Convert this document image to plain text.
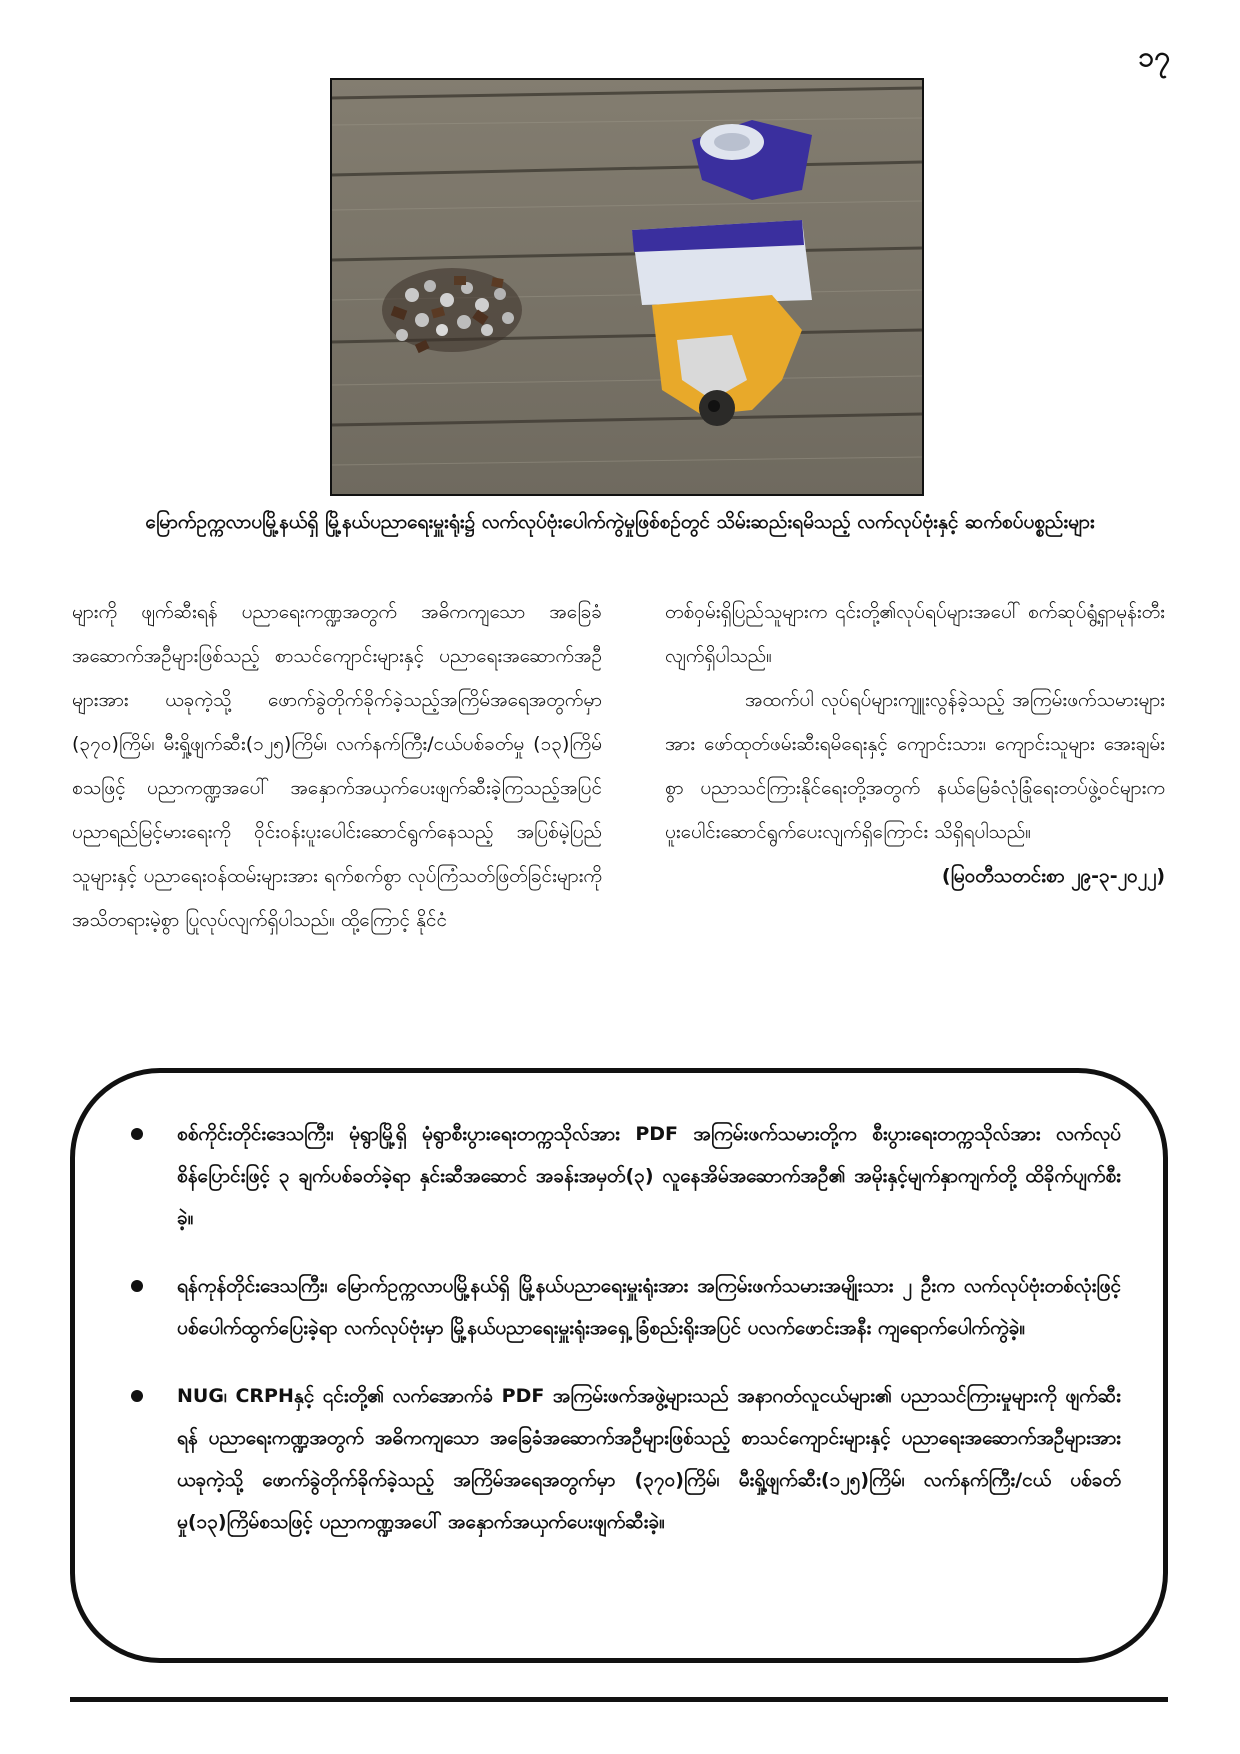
၁၇
မြောက်ဥက္ကလာပမြို့နယ်ရှိ မြို့နယ်ပညာရေးမှူးရုံး၌ လက်လုပ်ဗုံးပေါက်ကွဲမှုဖြစ်စဉ်တွင် သိမ်းဆည်းရမိသည့် လက်လုပ်ဗုံးနှင့် ဆက်စပ်ပစ္စည်းများ
များကို ဖျက်ဆီးရန် ပညာရေးကဏ္ဍအတွက် အဓိကကျသော အခြေခံအဆောက်အဦများဖြစ်သည့် စာသင်ကျောင်းများနှင့် ပညာရေးအဆောက်အဦများအား ယခုကဲ့သို့ ဖောက်ခွဲတိုက်ခိုက်ခဲ့သည့်အကြိမ်အရေအတွက်မှာ (၃၇၀)ကြိမ်၊ မီးရှို့ဖျက်ဆီး(၁၂၅)ကြိမ်၊ လက်နက်ကြီး/ငယ်ပစ်ခတ်မှု (၁၃)ကြိမ်စသဖြင့် ပညာကဏ္ဍအပေါ် အနှောက်အယှက်ပေးဖျက်ဆီးခဲ့ကြသည့်အပြင် ပညာရည်မြင့်မားရေးကို ဝိုင်းဝန်းပူးပေါင်းဆောင်ရွက်နေသည့် အပြစ်မဲ့ပြည်သူများနှင့် ပညာရေးဝန်ထမ်းများအား ရက်စက်စွာ လုပ်ကြံသတ်ဖြတ်ခြင်းများကို အသိတရားမဲ့စွာ ပြုလုပ်လျက်ရှိပါသည်။ ထို့ကြောင့် နိုင်ငံ

တစ်ဝှမ်းရှိပြည်သူများက ၎င်းတို့၏လုပ်ရပ်များအပေါ် စက်ဆုပ်ရွံ့ရှာမုန်းတီးလျက်ရှိပါသည်။

အထက်ပါ လုပ်ရပ်များကျူးလွန်ခဲ့သည့် အကြမ်းဖက်သမားများအား ဖော်ထုတ်ဖမ်းဆီးရမိရေးနှင့် ကျောင်းသား၊ ကျောင်းသူများ အေးချမ်းစွာ ပညာသင်ကြားနိုင်ရေးတို့အတွက် နယ်မြေခံလုံခြုံရေးတပ်ဖွဲ့ဝင်များက ပူးပေါင်းဆောင်ရွက်ပေးလျက်ရှိကြောင်း သိရှိရပါသည်။

(မြဝတီသတင်းစာ ၂၉-၃-၂၀၂၂)

စစ်ကိုင်းတိုင်းဒေသကြီး၊ မုံရွာမြို့ရှိ မုံရွာစီးပွားရေးတက္ကသိုလ်အား PDF အကြမ်းဖက်သမားတို့က စီးပွားရေးတက္ကသိုလ်အား လက်လုပ်စိန်ပြောင်းဖြင့် ၃ ချက်ပစ်ခတ်ခဲ့ရာ နှင်းဆီအဆောင် အခန်းအမှတ်(၃) လူနေအိမ်အဆောက်အဦ၏ အမိုးနှင့်မျက်နှာကျက်တို့ ထိခိုက်ပျက်စီးခဲ့။
ရန်ကုန်တိုင်းဒေသကြီး၊ မြောက်ဥက္ကလာပမြို့နယ်ရှိ မြို့နယ်ပညာရေးမှူးရုံးအား အကြမ်းဖက်သမားအမျိုးသား ၂ ဦးက လက်လုပ်ဗုံးတစ်လုံးဖြင့် ပစ်ပေါက်ထွက်ပြေးခဲ့ရာ လက်လုပ်ဗုံးမှာ မြို့နယ်ပညာရေးမှူးရုံးအရှေ့ ခြံစည်းရိုးအပြင် ပလက်ဖောင်းအနီး ကျရောက်ပေါက်ကွဲခဲ့။
NUG၊ CRPHနှင့် ၎င်းတို့၏ လက်အောက်ခံ PDF အကြမ်းဖက်အဖွဲ့များသည် အနာဂတ်လူငယ်များ၏ ပညာသင်ကြားမှုများကို ဖျက်ဆီးရန် ပညာရေးကဏ္ဍအတွက် အဓိကကျသော အခြေခံအဆောက်အဦများဖြစ်သည့် စာသင်ကျောင်းများနှင့် ပညာရေးအဆောက်အဦများအား ယခုကဲ့သို့ ဖောက်ခွဲတိုက်ခိုက်ခဲ့သည့် အကြိမ်အရေအတွက်မှာ (၃၇၀)ကြိမ်၊ မီးရှို့ဖျက်ဆီး(၁၂၅)ကြိမ်၊ လက်နက်ကြီး/ငယ် ပစ်ခတ်မှု(၁၃)ကြိမ်စသဖြင့် ပညာကဏ္ဍအပေါ် အနှောက်အယှက်ပေးဖျက်ဆီးခဲ့။
